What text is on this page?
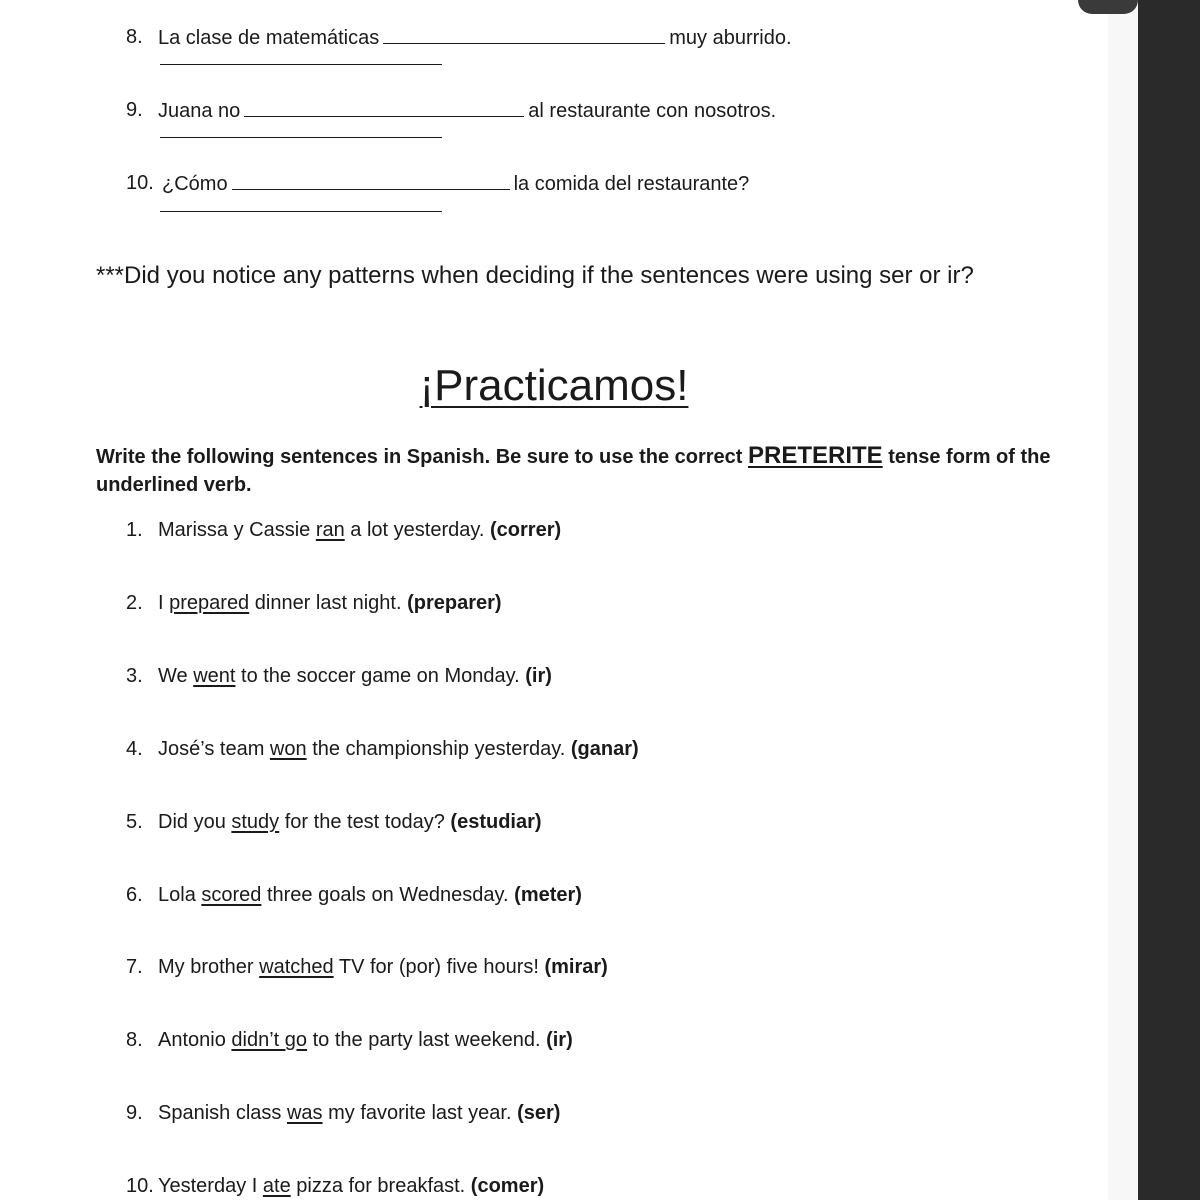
8. La clase de matemáticas	muy aburrido.
9. Juana no	al restaurante con nosotros.
10. ¿Cómo	la comida del restaurante?
***Did you notice any patterns when deciding if the sentences were using ser or ir?
¡Practicamos!
Write the following sentences in Spanish. Be sure to use the correct PRETERITE tense form of the underlined verb.
1. Marissa y Cassie ran a lot yesterday. (correr)
2. I prepared dinner last night. (preparer)
3. We went to the soccer game on Monday. (ir)
4. José’s team won the championship yesterday. (ganar)
5. Did you study for the test today? (estudiar)
6. Lola scored three goals on Wednesday. (meter)
7. My brother watched TV for (por) five hours! (mirar)
8. Antonio didn’t go to the party last weekend. (ir)
9. Spanish class was my favorite last year. (ser)
10. Yesterday I ate pizza for breakfast. (comer)
